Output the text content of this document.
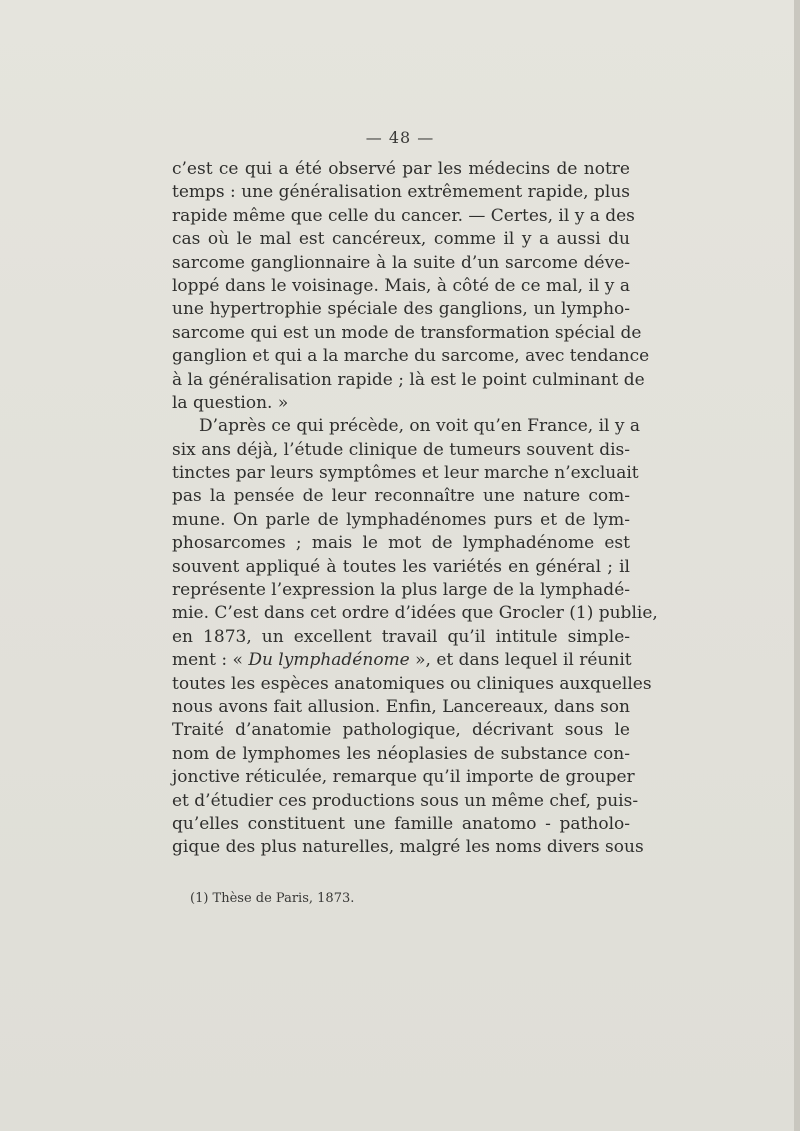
— 48 —
c’est ce qui a été observé par les médecins de notre
temps : une généralisation extrêmement rapide, plus
rapide même que celle du cancer. — Certes, il y a des
cas où le mal est cancéreux, comme il y a aussi du
sarcome ganglionnaire à la suite d’un sarcome déve-
loppé dans le voisinage. Mais, à côté de ce mal, il y a
une hypertrophie spéciale des ganglions, un lympho-
sarcome qui est un mode de transformation spécial de
ganglion et qui a la marche du sarcome, avec tendance
à la généralisation rapide ; là est le point culminant de
la question. »
D’après ce qui précède, on voit qu’en France, il y a
six ans déjà, l’étude clinique de tumeurs souvent dis-
tinctes par leurs symptômes et leur marche n’excluait
pas la pensée de leur reconnaître une nature com-
mune. On parle de lymphadénomes purs et de lym-
phosarcomes ; mais le mot de lymphadénome est
souvent appliqué à toutes les variétés en général ; il
représente l’expression la plus large de la lymphadé-
mie. C’est dans cet ordre d’idées que Grocler (1) publie,
en 1873, un excellent travail qu’il intitule simple-
ment : « Du lymphadénome », et dans lequel il réunit
toutes les espèces anatomiques ou cliniques auxquelles
nous avons fait allusion. Enfin, Lancereaux, dans son
Traité d’anatomie pathologique, décrivant sous le
nom de lymphomes les néoplasies de substance con-
jonctive réticulée, remarque qu’il importe de grouper
et d’étudier ces productions sous un même chef, puis-
qu’elles constituent une famille anatomo - patholo-
gique des plus naturelles, malgré les noms divers sous
(1) Thèse de Paris, 1873.
